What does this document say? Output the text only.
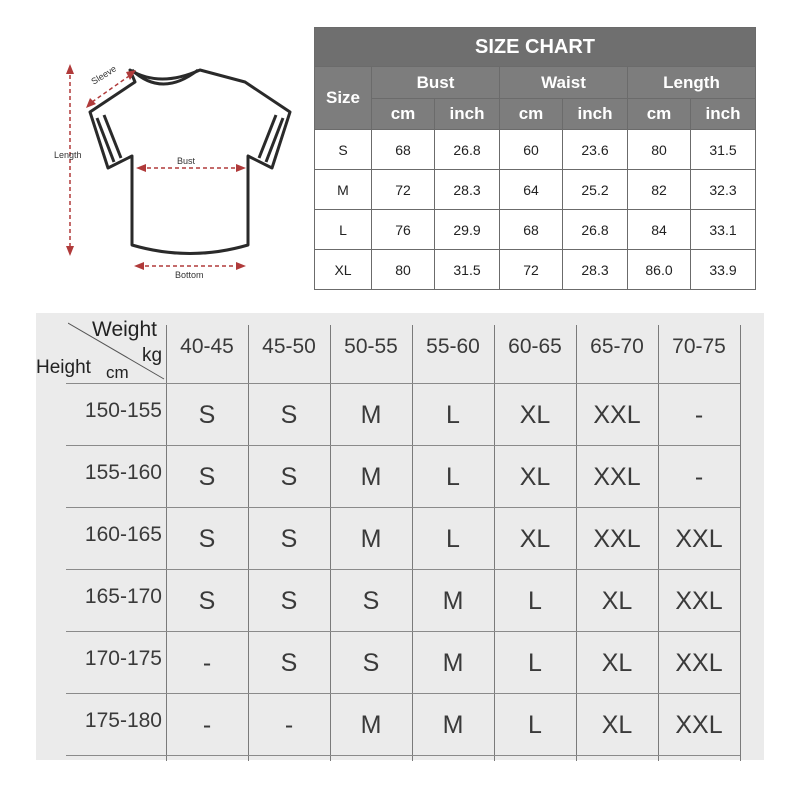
Sleeve
Length
Bust
Bottom
SIZE CHART						
Size	Bust		Waist		Length	
	cm	inch	cm	inch	cm	inch
S	68	26.8	60	23.6	80	31.5
M	72	28.3	64	25.2	82	32.3
L	76	29.9	68	26.8	84	33.1
XL	80	31.5	72	28.3	86.0	33.9
Weight
kg
Height cm
40-45	45-50	50-55	55-60	60-65	65-70	70-75
150-155	S	S	M	L	XL	XXL	-
155-160	S	S	M	L	XL	XXL	-
160-165	S	S	M	L	XL	XXL	XXL
165-170	S	S	S	M	L	XL	XXL
170-175	-	S	S	M	L	XL	XXL
175-180	-	-	M	M	L	XL	XXL
